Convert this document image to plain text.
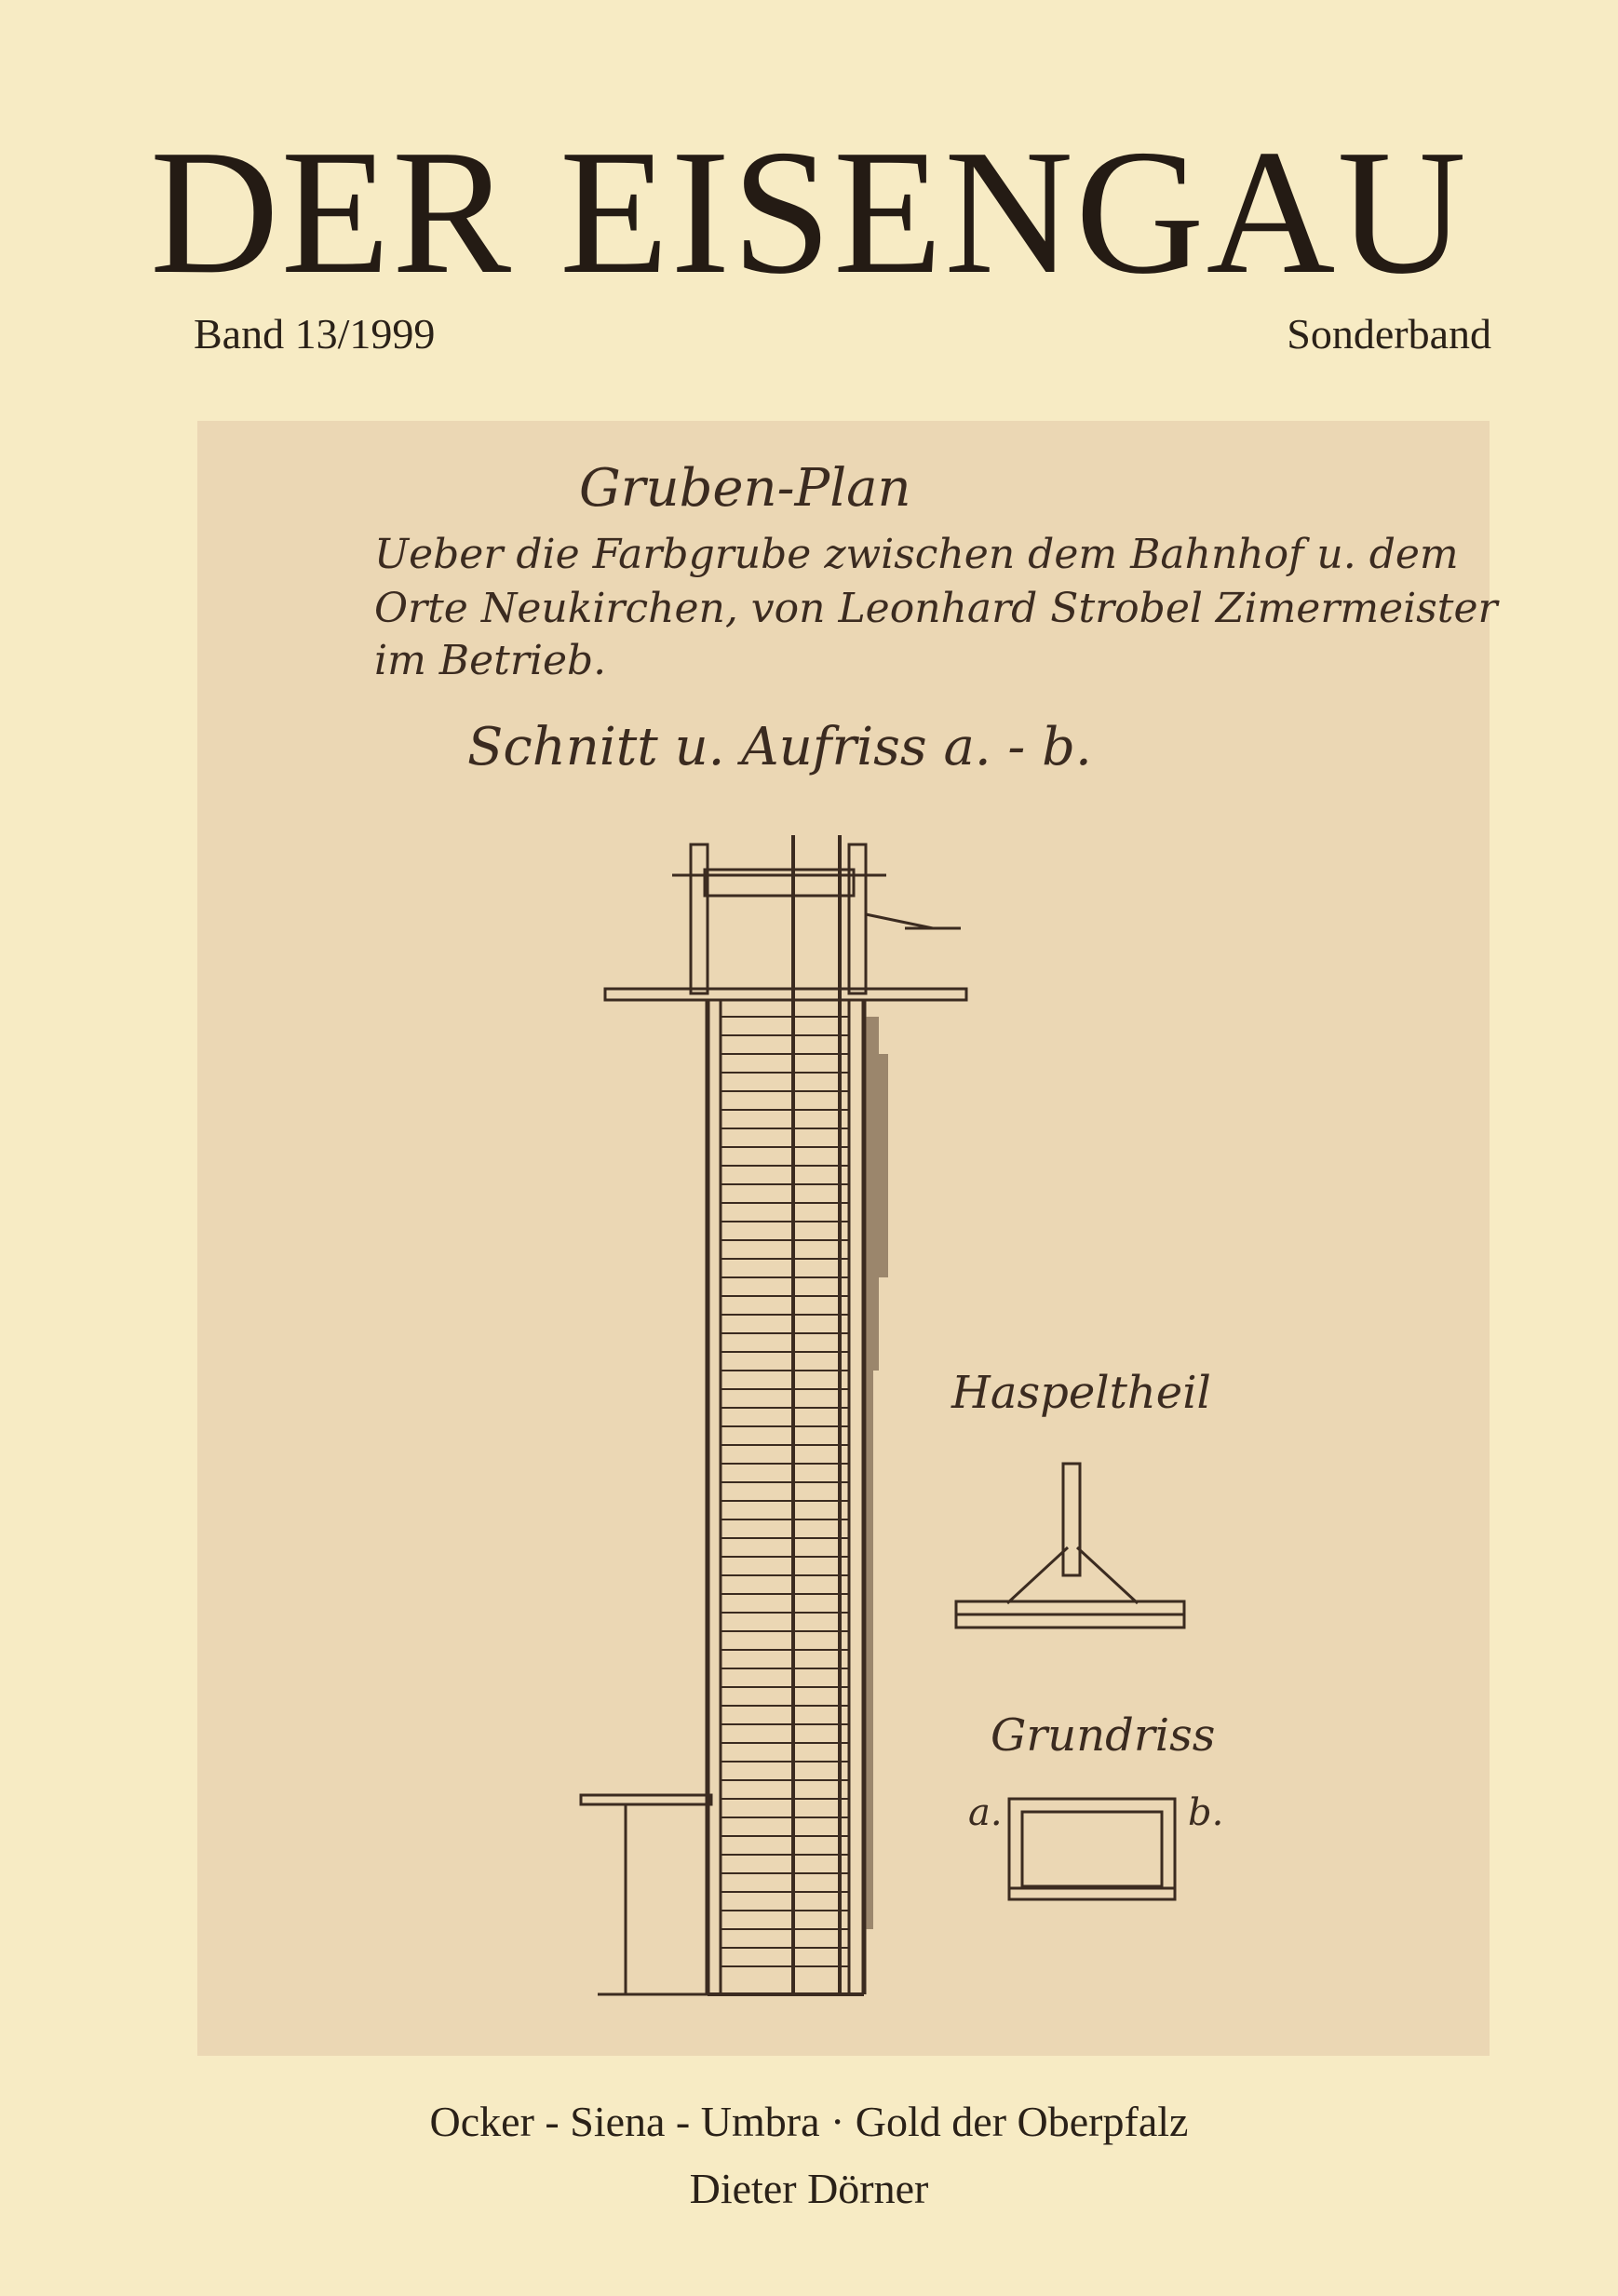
DER EISENGAU
Band 13/1999	Sonderband
Gruben-Plan
Ueber die Farbgrube zwischen dem Bahnhof u. dem
Orte Neukirchen, von Leonhard Strobel Zimermeister
im Betrieb.
Schnitt u. Aufriss a. - b.
Haspeltheil
Grundriss
a.	b.
Ocker - Siena - Umbra · Gold der Oberpfalz
Dieter Dörner
